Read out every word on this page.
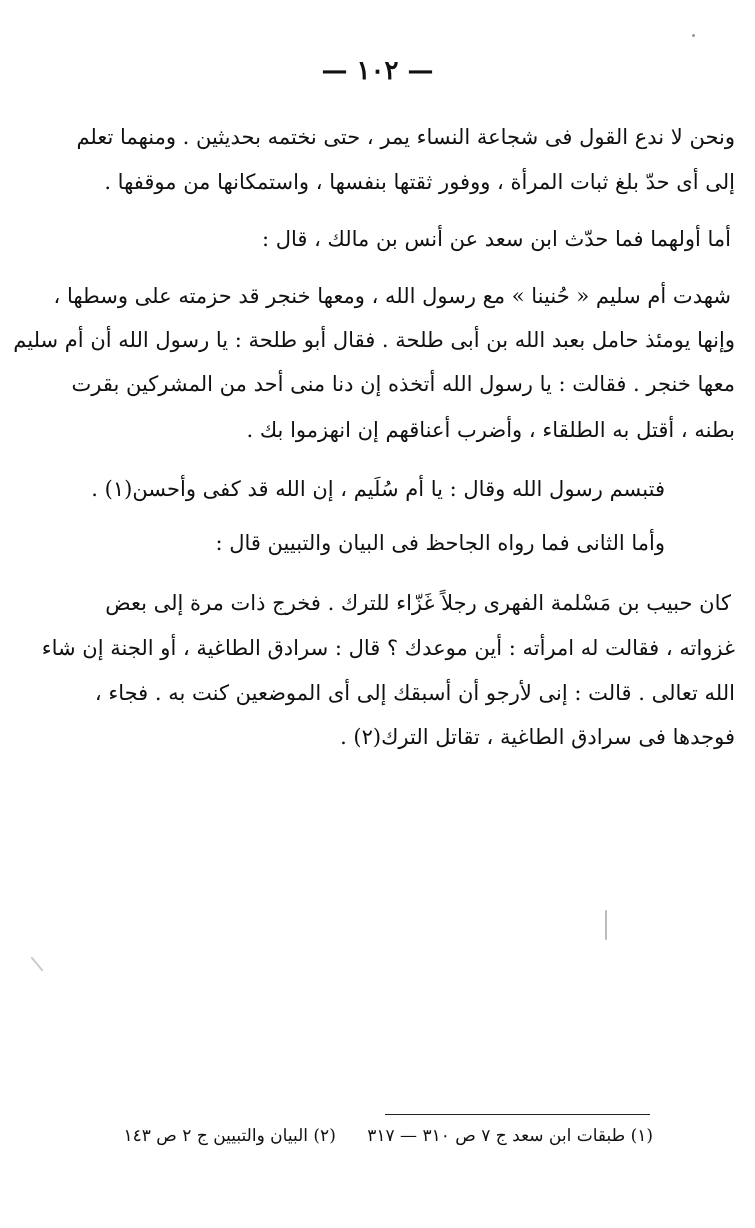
— ١٠٢ —
ونحن لا ندع القول فى شجاعة النساء يمر ، حتى نختمه بحديثين . ومنهما تعلم
إلى أى حدّ بلغ ثبات المرأة ، ووفور ثقتها بنفسها ، واستمكانها من موقفها .
أما أولهما فما حدّث ابن سعد عن أنس بن مالك ، قال :
شهدت أم سليم « حُنينا » مع رسول الله ، ومعها خنجر قد حزمته على وسطها ،
وإنها يومئذ حامل بعبد الله بن أبى طلحة . فقال أبو طلحة : يا رسول الله أن أم سليم
معها خنجر . فقالت : يا رسول الله أتخذه إن دنا منى أحد من المشركين بقرت
بطنه ، أقتل به الطلقاء ، وأضرب أعناقهم إن انهزموا بك .
فتبسم رسول الله وقال : يا أم سُلَيم ، إن الله قد كفى وأحسن(١) .
وأما الثانى فما رواه الجاحظ فى البيان والتبيين قال :
كان حبيب بن مَسْلمة الفهرى رجلاً غَزّاء للترك . فخرج ذات مرة إلى بعض
غزواته ، فقالت له امرأته : أين موعدك ؟ قال : سرادق الطاغية ، أو الجنة إن شاء
الله تعالى . قالت : إنى لأرجو أن أسبقك إلى أى الموضعين كنت به . فجاء ،
فوجدها فى سرادق الطاغية ، تقاتل الترك(٢) .
(١) طبقات ابن سعد ج ٧ ص ٣١٠ — ٣١٧ (٢) البيان والتبيين ج ٢ ص ١٤٣
